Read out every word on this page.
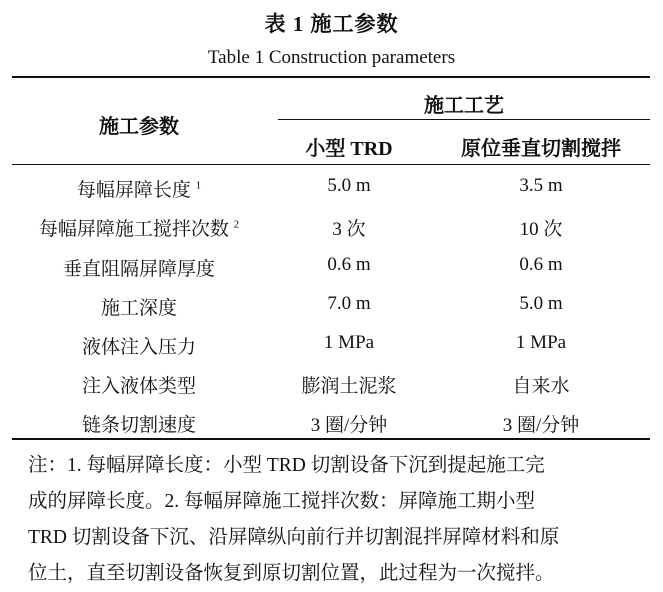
表 1 施工参数
Table 1 Construction parameters
施工参数
施工工艺
小型 TRD	原位垂直切割搅拌
每幅屏障长度 $^1$	5.0 m	3.5 m
每幅屏障施工搅拌次数 $^2$	3 次	10 次
垂直阻隔屏障厚度	0.6 m	0.6 m
施工深度	7.0 m	5.0 m
液体注入压力	1 MPa	1 MPa
注入液体类型	膨润土泥浆	自来水
链条切割速度	3 圈/分钟	3 圈/分钟
注：1. 每幅屏障长度：小型 TRD 切割设备下沉到提起施工完
成的屏障长度。2. 每幅屏障施工搅拌次数：屏障施工期小型
TRD 切割设备下沉、沿屏障纵向前行并切割混拌屏障材料和原
位土，直至切割设备恢复到原切割位置，此过程为一次搅拌。
